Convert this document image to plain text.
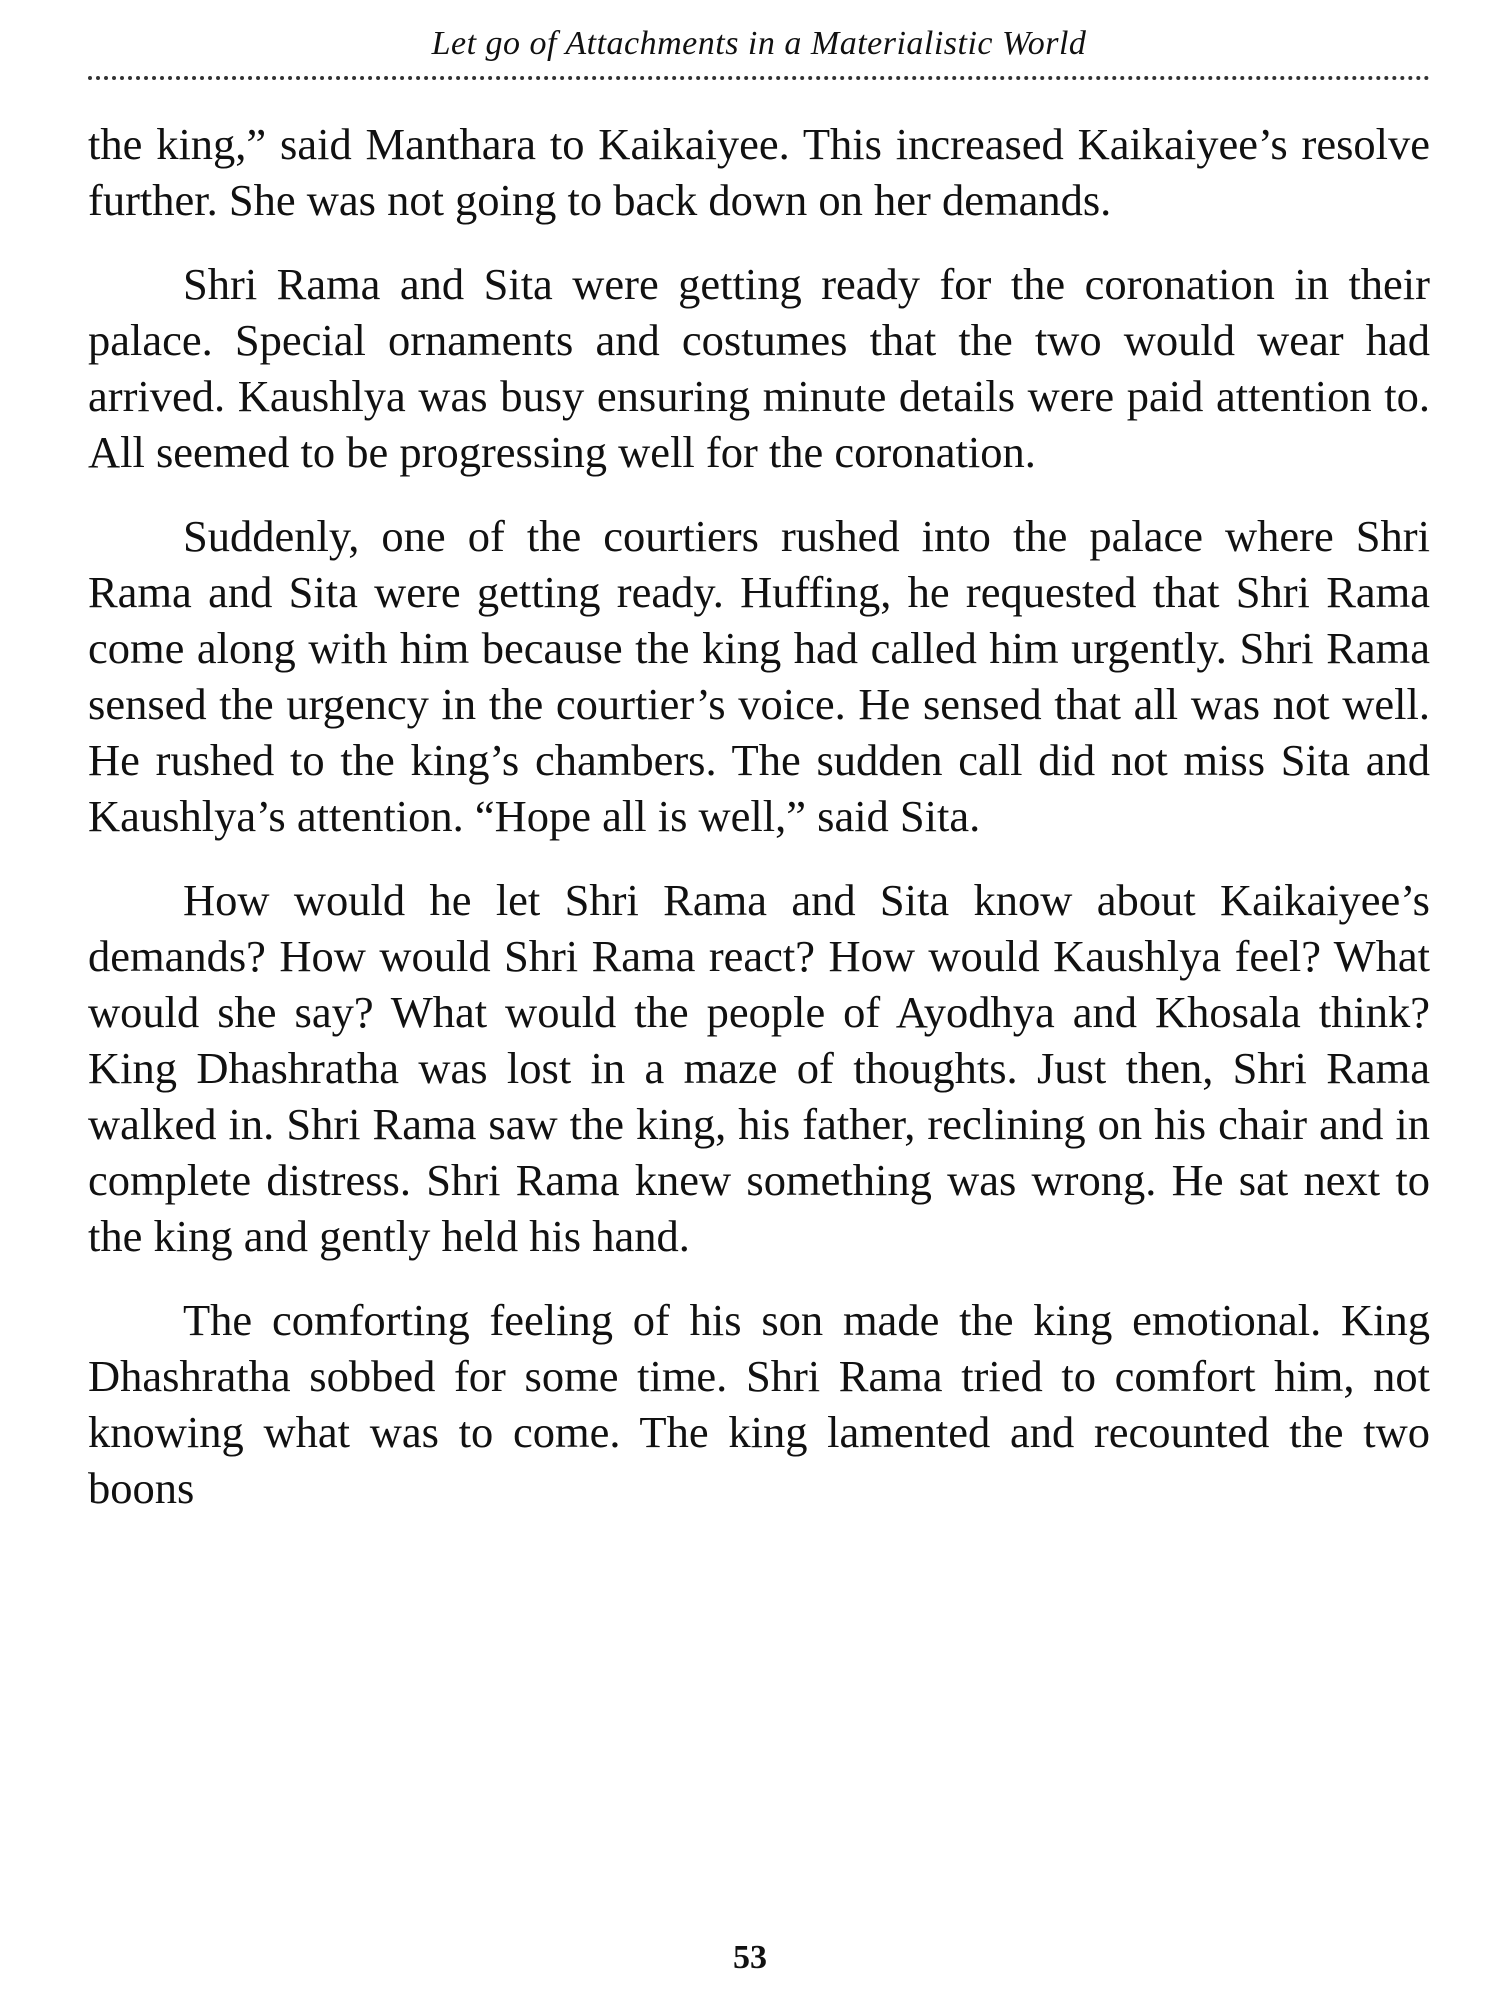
Let go of Attachments in a Materialistic World

the king,” said Manthara to Kaikaiyee. This increased Kaikaiyee’s resolve further. She was not going to back down on her demands.

Shri Rama and Sita were getting ready for the coronation in their palace. Special ornaments and costumes that the two would wear had arrived. Kaushlya was busy ensuring minute details were paid attention to. All seemed to be progressing well for the coronation.

Suddenly, one of the courtiers rushed into the palace where Shri Rama and Sita were getting ready. Huffing, he requested that Shri Rama come along with him because the king had called him urgently. Shri Rama sensed the urgency in the courtier’s voice. He sensed that all was not well. He rushed to the king’s chambers. The sudden call did not miss Sita and Kaushlya’s attention. “Hope all is well,” said Sita.

How would he let Shri Rama and Sita know about Kaikaiyee’s demands? How would Shri Rama react? How would Kaushlya feel? What would she say? What would the people of Ayodhya and Khosala think? King Dhashratha was lost in a maze of thoughts. Just then, Shri Rama walked in. Shri Rama saw the king, his father, reclining on his chair and in complete distress. Shri Rama knew something was wrong. He sat next to the king and gently held his hand.

The comforting feeling of his son made the king emotional. King Dhashratha sobbed for some time. Shri Rama tried to comfort him, not knowing what was to come. The king lamented and recounted the two boons

53
